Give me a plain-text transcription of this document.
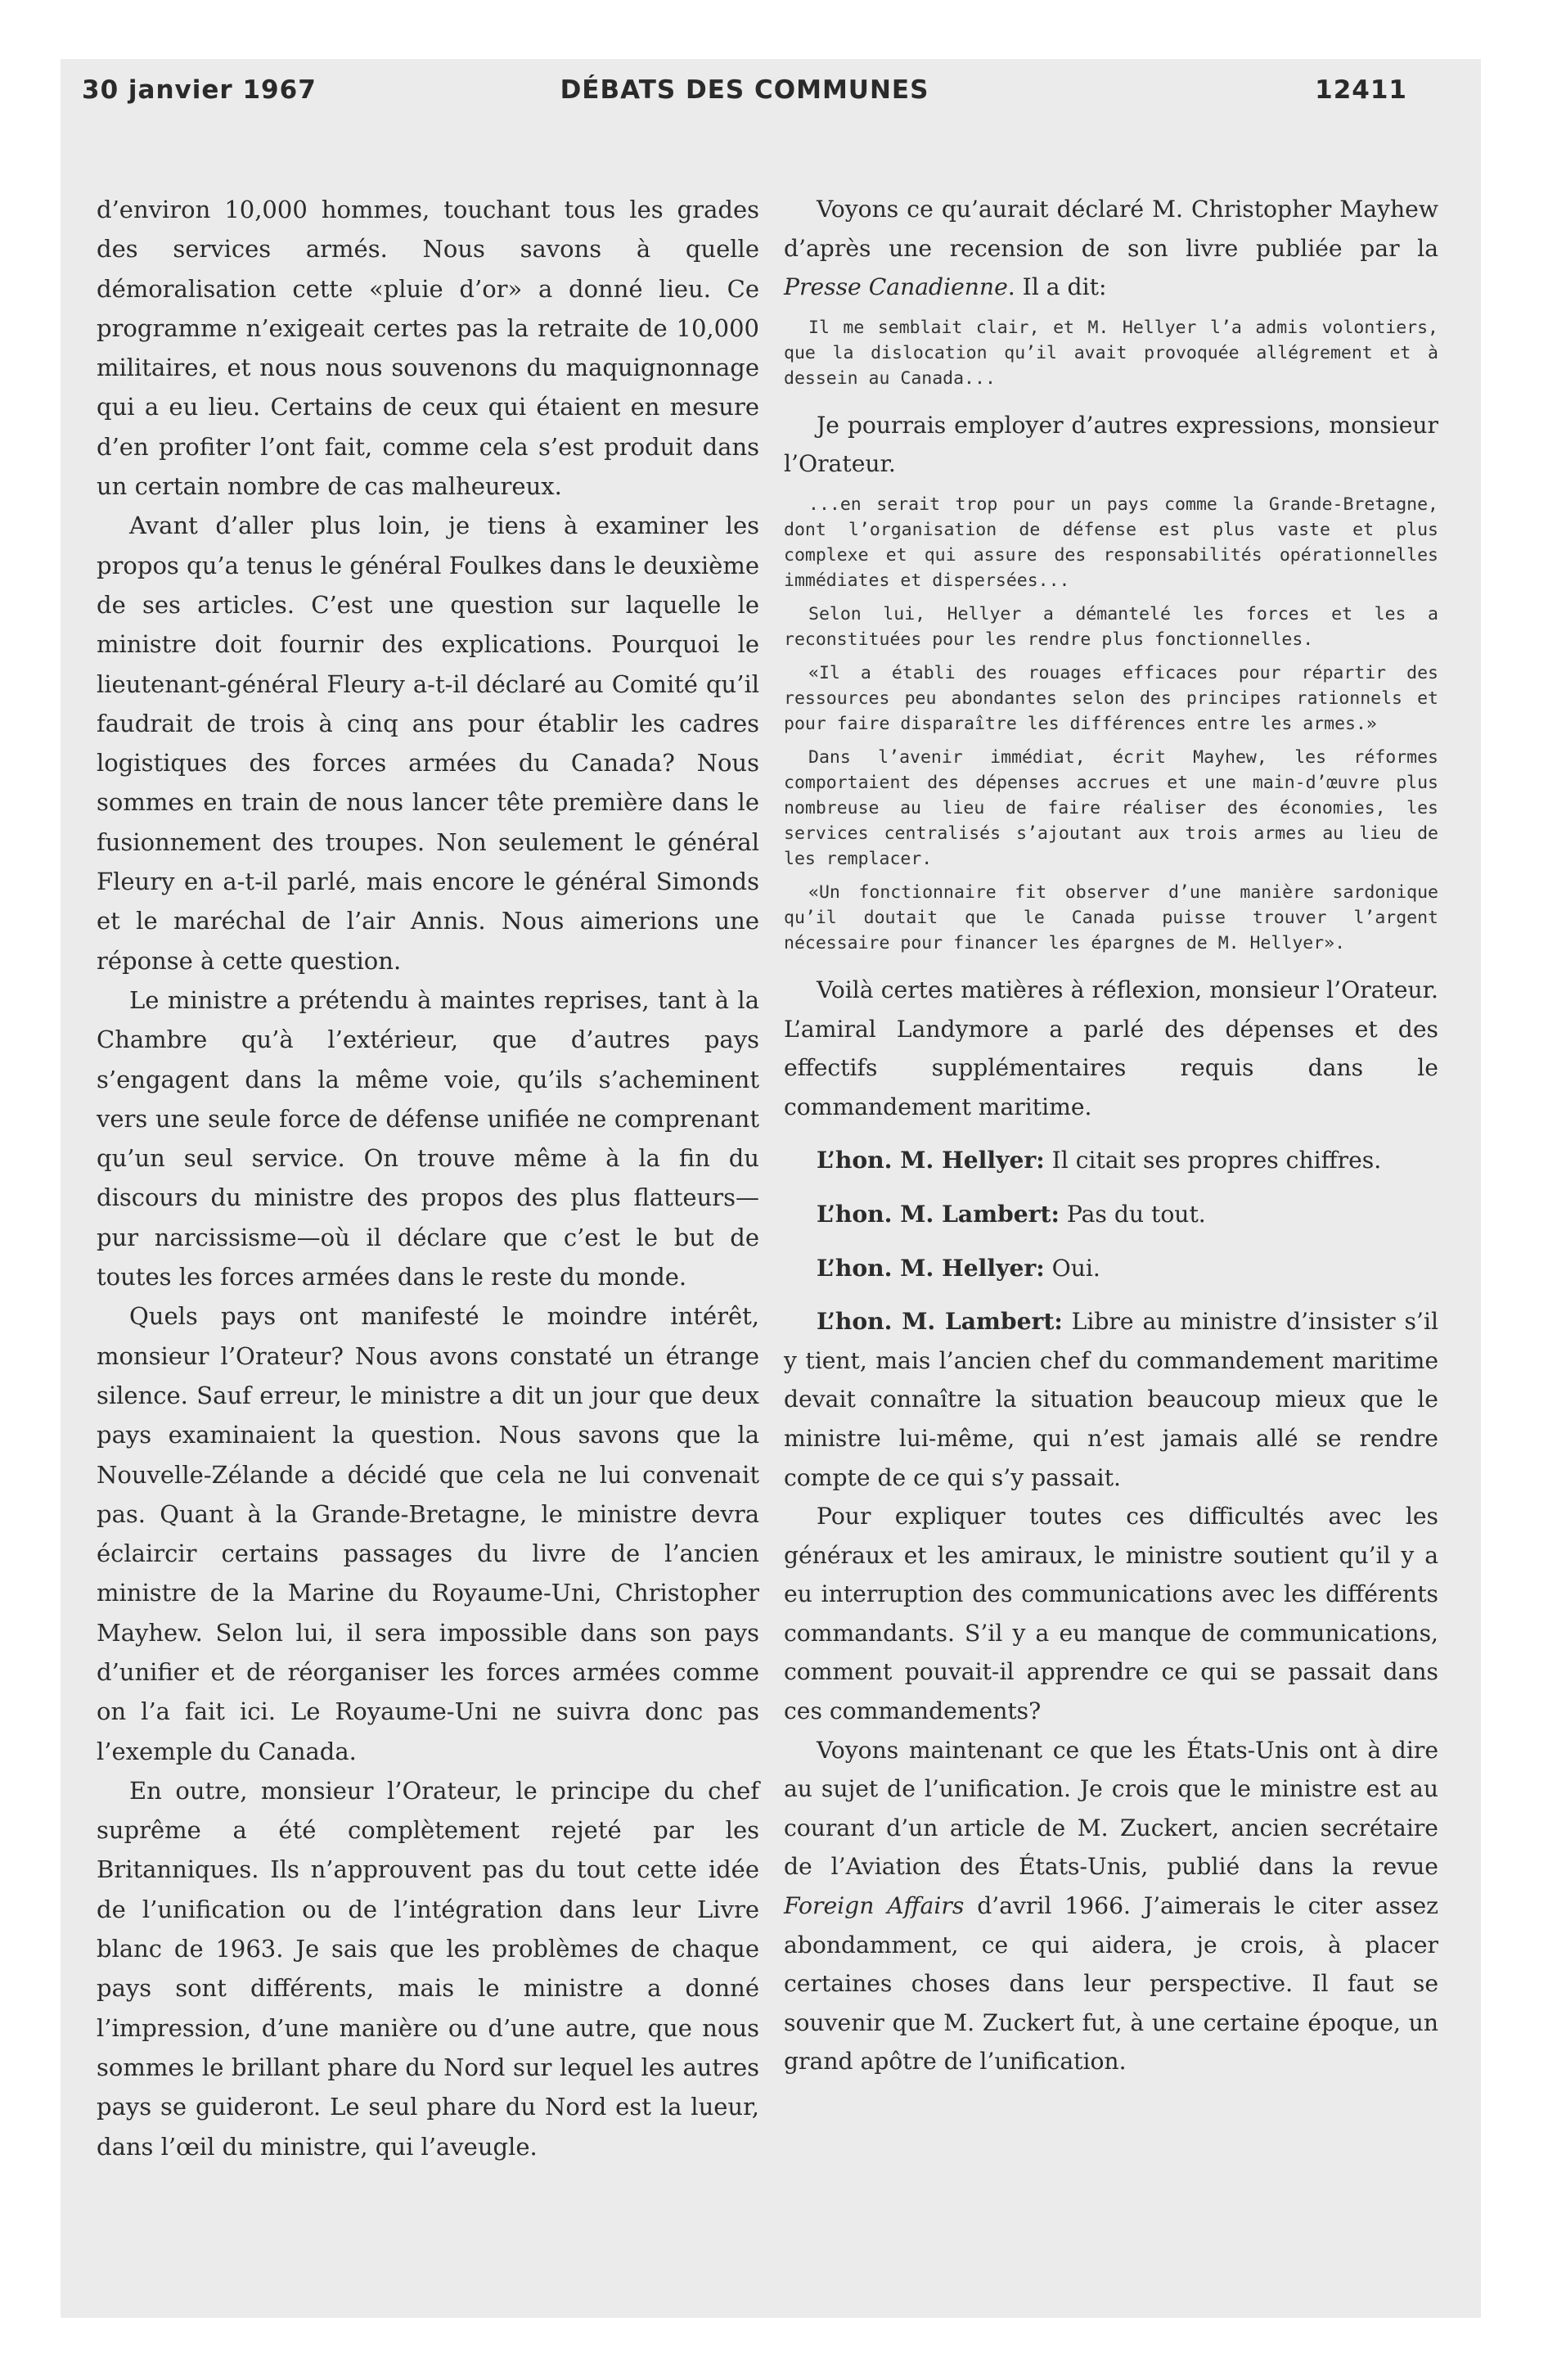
30 janvier 1967	DÉBATS DES COMMUNES	12411

d’environ 10,000 hommes, touchant tous les grades des services armés. Nous savons à quelle démoralisation cette «pluie d’or» a donné lieu. Ce programme n’exigeait certes pas la retraite de 10,000 militaires, et nous nous souvenons du maquignonnage qui a eu lieu. Certains de ceux qui étaient en mesure d’en profiter l’ont fait, comme cela s’est produit dans un certain nombre de cas malheureux.

Avant d’aller plus loin, je tiens à examiner les propos qu’a tenus le général Foulkes dans le deuxième de ses articles. C’est une question sur laquelle le ministre doit fournir des explications. Pourquoi le lieutenant-général Fleury a-t-il déclaré au Comité qu’il faudrait de trois à cinq ans pour établir les cadres logistiques des forces armées du Canada? Nous sommes en train de nous lancer tête première dans le fusionnement des troupes. Non seulement le général Fleury en a-t-il parlé, mais encore le général Simonds et le maréchal de l’air Annis. Nous aimerions une réponse à cette question.

Le ministre a prétendu à maintes reprises, tant à la Chambre qu’à l’extérieur, que d’autres pays s’engagent dans la même voie, qu’ils s’acheminent vers une seule force de défense unifiée ne comprenant qu’un seul service. On trouve même à la fin du discours du ministre des propos des plus flatteurs—pur narcissisme—où il déclare que c’est le but de toutes les forces armées dans le reste du monde.

Quels pays ont manifesté le moindre intérêt, monsieur l’Orateur? Nous avons constaté un étrange silence. Sauf erreur, le ministre a dit un jour que deux pays examinaient la question. Nous savons que la Nouvelle-Zélande a décidé que cela ne lui convenait pas. Quant à la Grande-Bretagne, le ministre devra éclaircir certains passages du livre de l’ancien ministre de la Marine du Royaume-Uni, Christopher Mayhew. Selon lui, il sera impossible dans son pays d’unifier et de réorganiser les forces armées comme on l’a fait ici. Le Royaume-Uni ne suivra donc pas l’exemple du Canada.

En outre, monsieur l’Orateur, le principe du chef suprême a été complètement rejeté par les Britanniques. Ils n’approuvent pas du tout cette idée de l’unification ou de l’intégration dans leur Livre blanc de 1963. Je sais que les problèmes de chaque pays sont différents, mais le ministre a donné l’impression, d’une manière ou d’une autre, que nous sommes le brillant phare du Nord sur lequel les autres pays se guideront. Le seul phare du Nord est la lueur, dans l’œil du ministre, qui l’aveugle.

Voyons ce qu’aurait déclaré M. Christopher Mayhew d’après une recension de son livre publiée par la Presse Canadienne. Il a dit:

Il me semblait clair, et M. Hellyer l’a admis volontiers, que la dislocation qu’il avait provoquée allégrement et à dessein au Canada...

Je pourrais employer d’autres expressions, monsieur l’Orateur.

...en serait trop pour un pays comme la Grande-Bretagne, dont l’organisation de défense est plus vaste et plus complexe et qui assure des responsabilités opérationnelles immédiates et dispersées...

Selon lui, Hellyer a démantelé les forces et les a reconstituées pour les rendre plus fonctionnelles.

«Il a établi des rouages efficaces pour répartir des ressources peu abondantes selon des principes rationnels et pour faire disparaître les différences entre les armes.»

Dans l’avenir immédiat, écrit Mayhew, les réformes comportaient des dépenses accrues et une main-d’œuvre plus nombreuse au lieu de faire réaliser des économies, les services centralisés s’ajoutant aux trois armes au lieu de les remplacer.

«Un fonctionnaire fit observer d’une manière sardonique qu’il doutait que le Canada puisse trouver l’argent nécessaire pour financer les épargnes de M. Hellyer».

Voilà certes matières à réflexion, monsieur l’Orateur. L’amiral Landymore a parlé des dépenses et des effectifs supplémentaires requis dans le commandement maritime.

L’hon. M. Hellyer: Il citait ses propres chiffres.

L’hon. M. Lambert: Pas du tout.

L’hon. M. Hellyer: Oui.

L’hon. M. Lambert: Libre au ministre d’insister s’il y tient, mais l’ancien chef du commandement maritime devait connaître la situation beaucoup mieux que le ministre lui-même, qui n’est jamais allé se rendre compte de ce qui s’y passait.

Pour expliquer toutes ces difficultés avec les généraux et les amiraux, le ministre soutient qu’il y a eu interruption des communications avec les différents commandants. S’il y a eu manque de communications, comment pouvait-il apprendre ce qui se passait dans ces commandements?

Voyons maintenant ce que les États-Unis ont à dire au sujet de l’unification. Je crois que le ministre est au courant d’un article de M. Zuckert, ancien secrétaire de l’Aviation des États-Unis, publié dans la revue Foreign Affairs d’avril 1966. J’aimerais le citer assez abondamment, ce qui aidera, je crois, à placer certaines choses dans leur perspective. Il faut se souvenir que M. Zuckert fut, à une certaine époque, un grand apôtre de l’unification.
